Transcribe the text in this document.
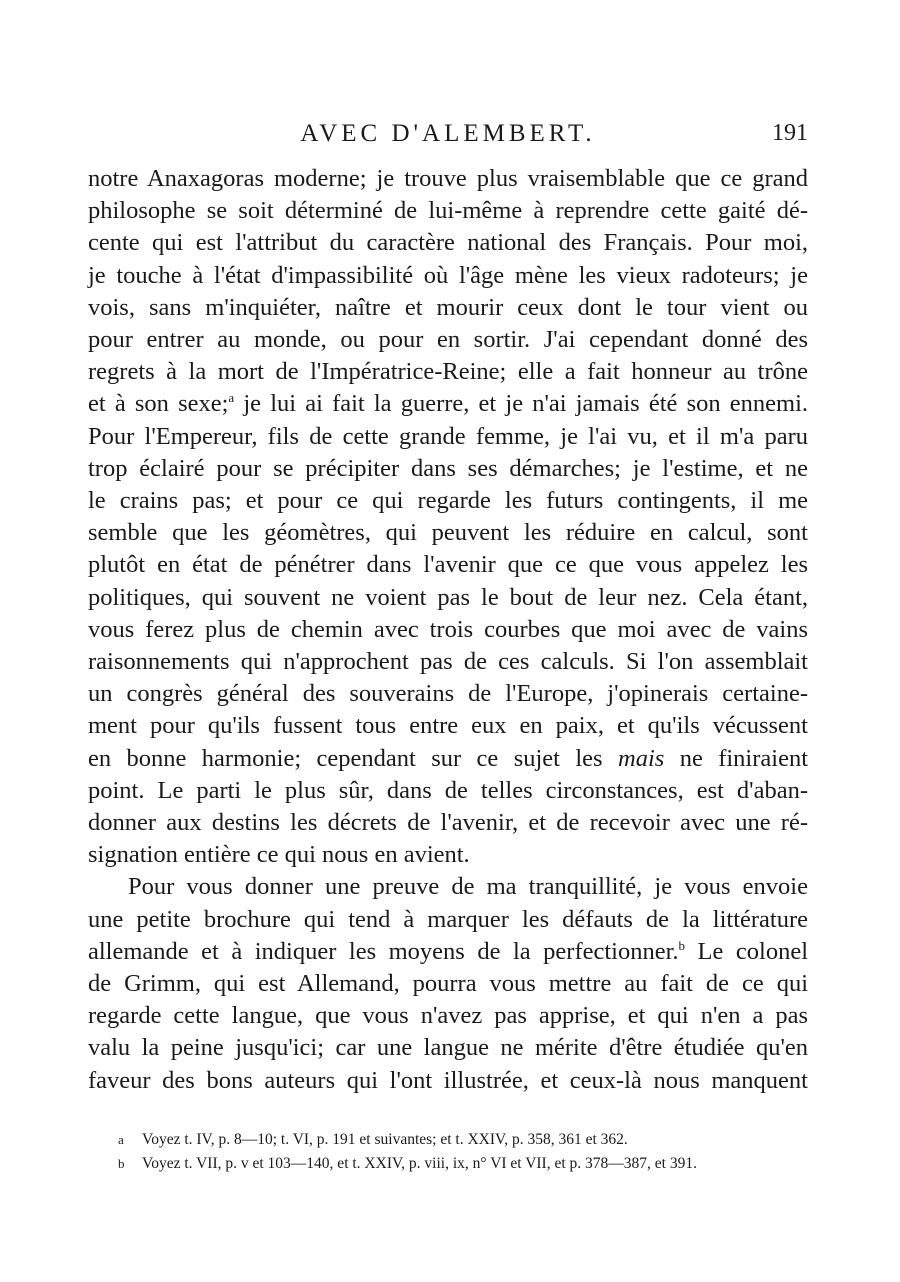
AVEC D'ALEMBERT.	191

notre Anaxagoras moderne; je trouve plus vraisemblable que ce grand
philosophe se soit déterminé de lui-même à reprendre cette gaité dé-
cente qui est l'attribut du caractère national des Français. Pour moi,
je touche à l'état d'impassibilité où l'âge mène les vieux radoteurs; je
vois, sans m'inquiéter, naître et mourir ceux dont le tour vient ou
pour entrer au monde, ou pour en sortir. J'ai cependant donné des
regrets à la mort de l'Impératrice-Reine; elle a fait honneur au trône
et à son sexe;$^a$ je lui ai fait la guerre, et je n'ai jamais été son ennemi.
Pour l'Empereur, fils de cette grande femme, je l'ai vu, et il m'a paru
trop éclairé pour se précipiter dans ses démarches; je l'estime, et ne
le crains pas; et pour ce qui regarde les futurs contingents, il me
semble que les géomètres, qui peuvent les réduire en calcul, sont
plutôt en état de pénétrer dans l'avenir que ce que vous appelez les
politiques, qui souvent ne voient pas le bout de leur nez. Cela étant,
vous ferez plus de chemin avec trois courbes que moi avec de vains
raisonnements qui n'approchent pas de ces calculs. Si l'on assemblait
un congrès général des souverains de l'Europe, j'opinerais certaine-
ment pour qu'ils fussent tous entre eux en paix, et qu'ils vécussent
en bonne harmonie; cependant sur ce sujet les mais ne finiraient
point. Le parti le plus sûr, dans de telles circonstances, est d'aban-
donner aux destins les décrets de l'avenir, et de recevoir avec une ré-
signation entière ce qui nous en avient.

Pour vous donner une preuve de ma tranquillité, je vous envoie
une petite brochure qui tend à marquer les défauts de la littérature
allemande et à indiquer les moyens de la perfectionner.$^b$ Le colonel
de Grimm, qui est Allemand, pourra vous mettre au fait de ce qui
regarde cette langue, que vous n'avez pas apprise, et qui n'en a pas
valu la peine jusqu'ici; car une langue ne mérite d'être étudiée qu'en
faveur des bons auteurs qui l'ont illustrée, et ceux-là nous manquent

a Voyez t. IV, p. 8—10; t. VI, p. 191 et suivantes; et t. XXIV, p. 358, 361 et 362.
b Voyez t. VII, p. v et 103—140, et t. XXIV, p. viii, ix, n° VI et VII, et p. 378—387, et 391.
